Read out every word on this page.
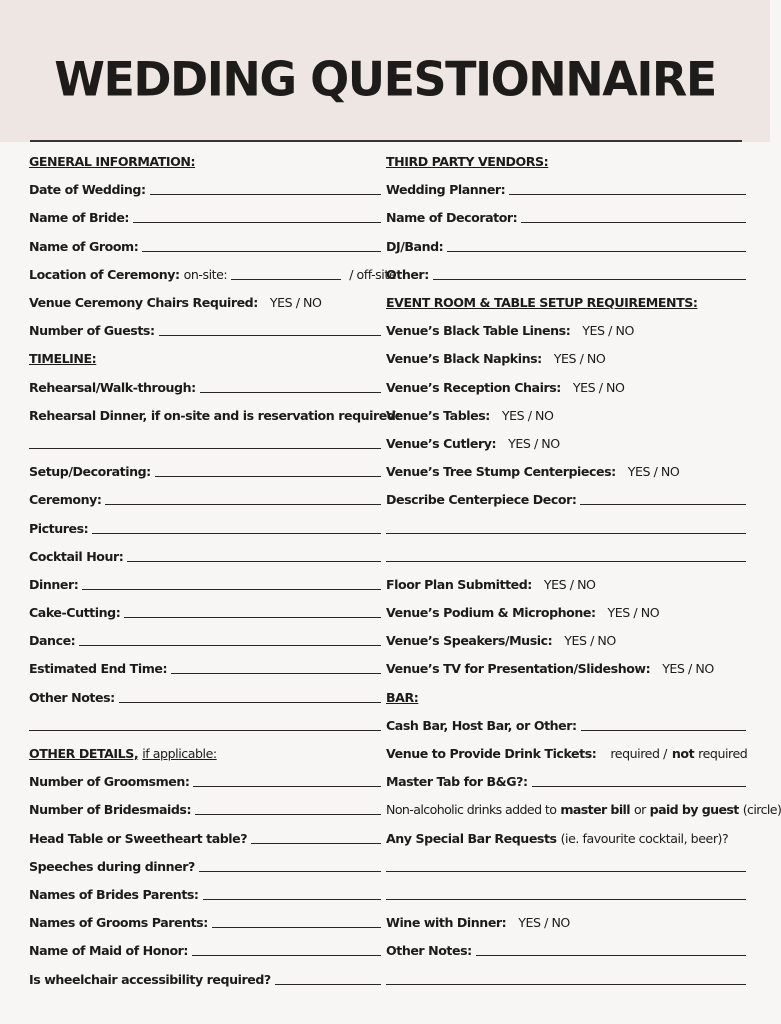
WEDDING QUESTIONNAIRE
GENERAL INFORMATION:
Date of Wedding:
Name of Bride:
Name of Groom:
Location of Ceremony: on-site:	/ off-site
Venue Ceremony Chairs Required: YES / NO
Number of Guests:
TIMELINE:
Rehearsal/Walk-through:
Rehearsal Dinner, if on-site and is reservation required:
Setup/Decorating:
Ceremony:
Pictures:
Cocktail Hour:
Dinner:
Cake-Cutting:
Dance:
Estimated End Time:
Other Notes:
OTHER DETAILS, if applicable:
Number of Groomsmen:
Number of Bridesmaids:
Head Table or Sweetheart table?
Speeches during dinner?
Names of Brides Parents:
Names of Grooms Parents:
Name of Maid of Honor:
Is wheelchair accessibility required?
THIRD PARTY VENDORS:
Wedding Planner:
Name of Decorator:
DJ/Band:
Other:
EVENT ROOM & TABLE SETUP REQUIREMENTS:
Venue’s Black Table Linens: YES / NO
Venue’s Black Napkins: YES / NO
Venue’s Reception Chairs: YES / NO
Venue’s Tables: YES / NO
Venue’s Cutlery: YES / NO
Venue’s Tree Stump Centerpieces: YES / NO
Describe Centerpiece Decor:
Floor Plan Submitted: YES / NO
Venue’s Podium & Microphone: YES / NO
Venue’s Speakers/Music: YES / NO
Venue’s TV for Presentation/Slideshow: YES / NO
BAR:
Cash Bar, Host Bar, or Other:
Venue to Provide Drink Tickets: required / not required
Master Tab for B&G?:
Non-alcoholic drinks added to master bill or paid by guest (circle)
Any Special Bar Requests (ie. favourite cocktail, beer)?
Wine with Dinner: YES / NO
Other Notes:
